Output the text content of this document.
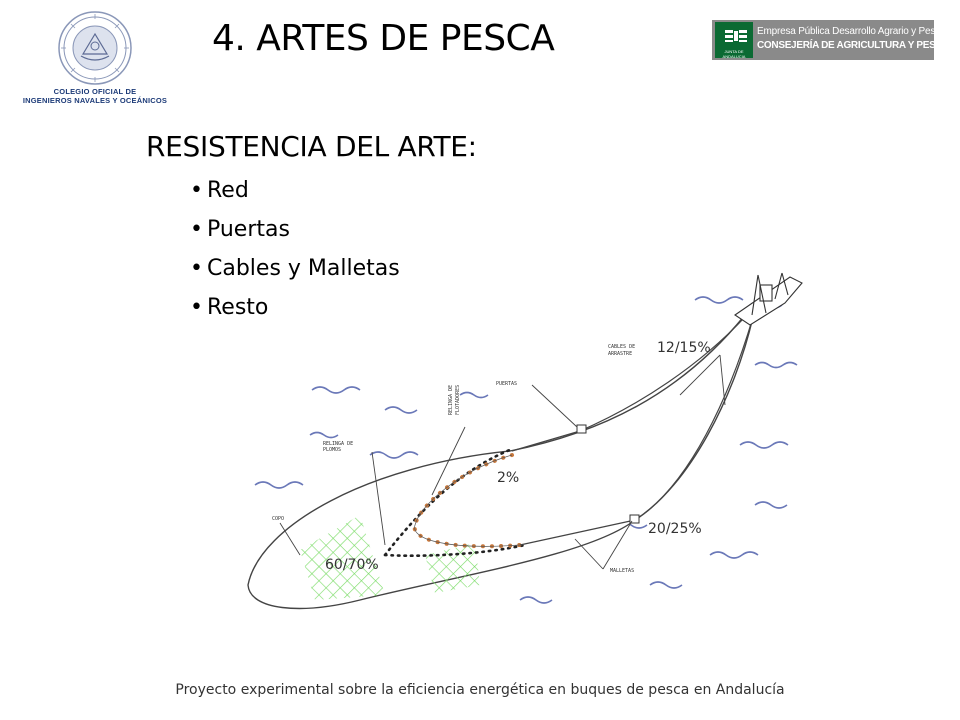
COLEGIO OFICIAL DE
INGENIEROS NAVALES Y OCEÁNICOS
4. ARTES DE PESCA	JUNTA DE ANDALUCIA
Empresa Pública Desarrollo Agrario y Pesquero
CONSEJERÍA DE AGRICULTURA Y PESCA
RESISTENCIA DEL ARTE:
• Red
• Puertas
• Cables y Malletas
• Resto
CABLES DE
ARRASTRE
PUERTAS
RELINGA DE FLOTADORES
RELINGA DE
PLOMOS
COPO
MALLETAS
12/15%
2%
20/25%
60/70%
Proyecto experimental sobre la eficiencia energética en buques de pesca en Andalucía
